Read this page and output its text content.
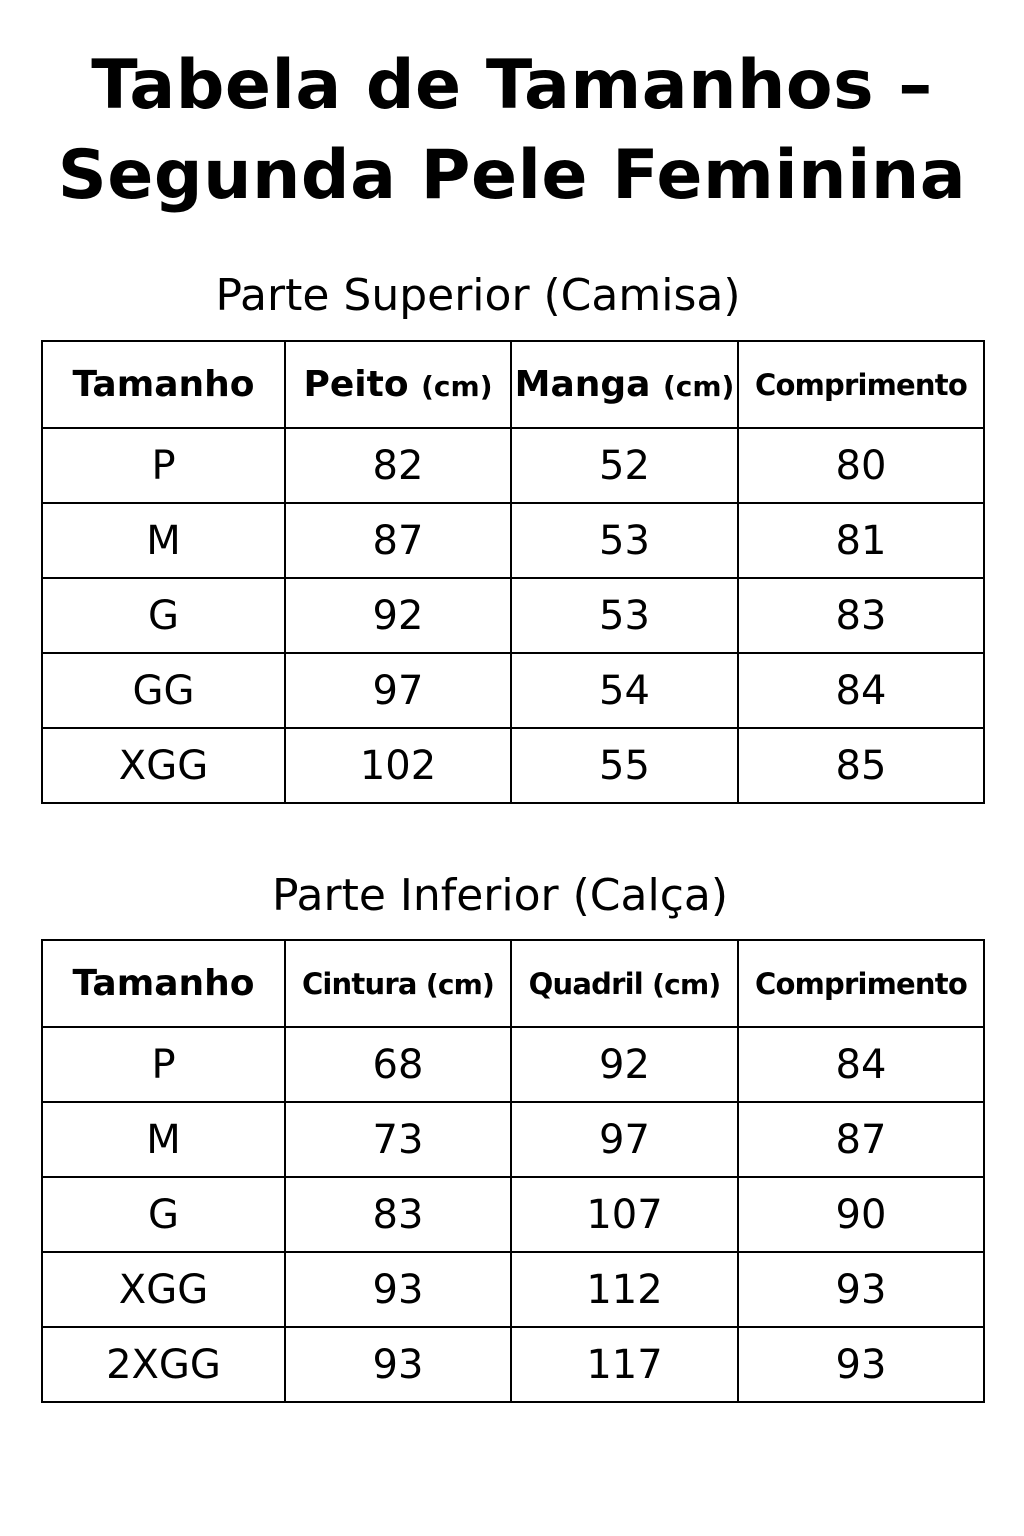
Tabela de Tamanhos –
Segunda Pele Feminina
Parte Superior (Camisa)
Tamanho	Peito (cm)	Manga (cm)	Comprimento
P	82	52	80
M	87	53	81
G	92	53	83
GG	97	54	84
XGG	102	55	85
Parte Inferior (Calça)
Tamanho	Cintura (cm)	Quadril (cm)	Comprimento
P	68	92	84
M	73	97	87
G	83	107	90
XGG	93	112	93
2XGG	93	117	93
